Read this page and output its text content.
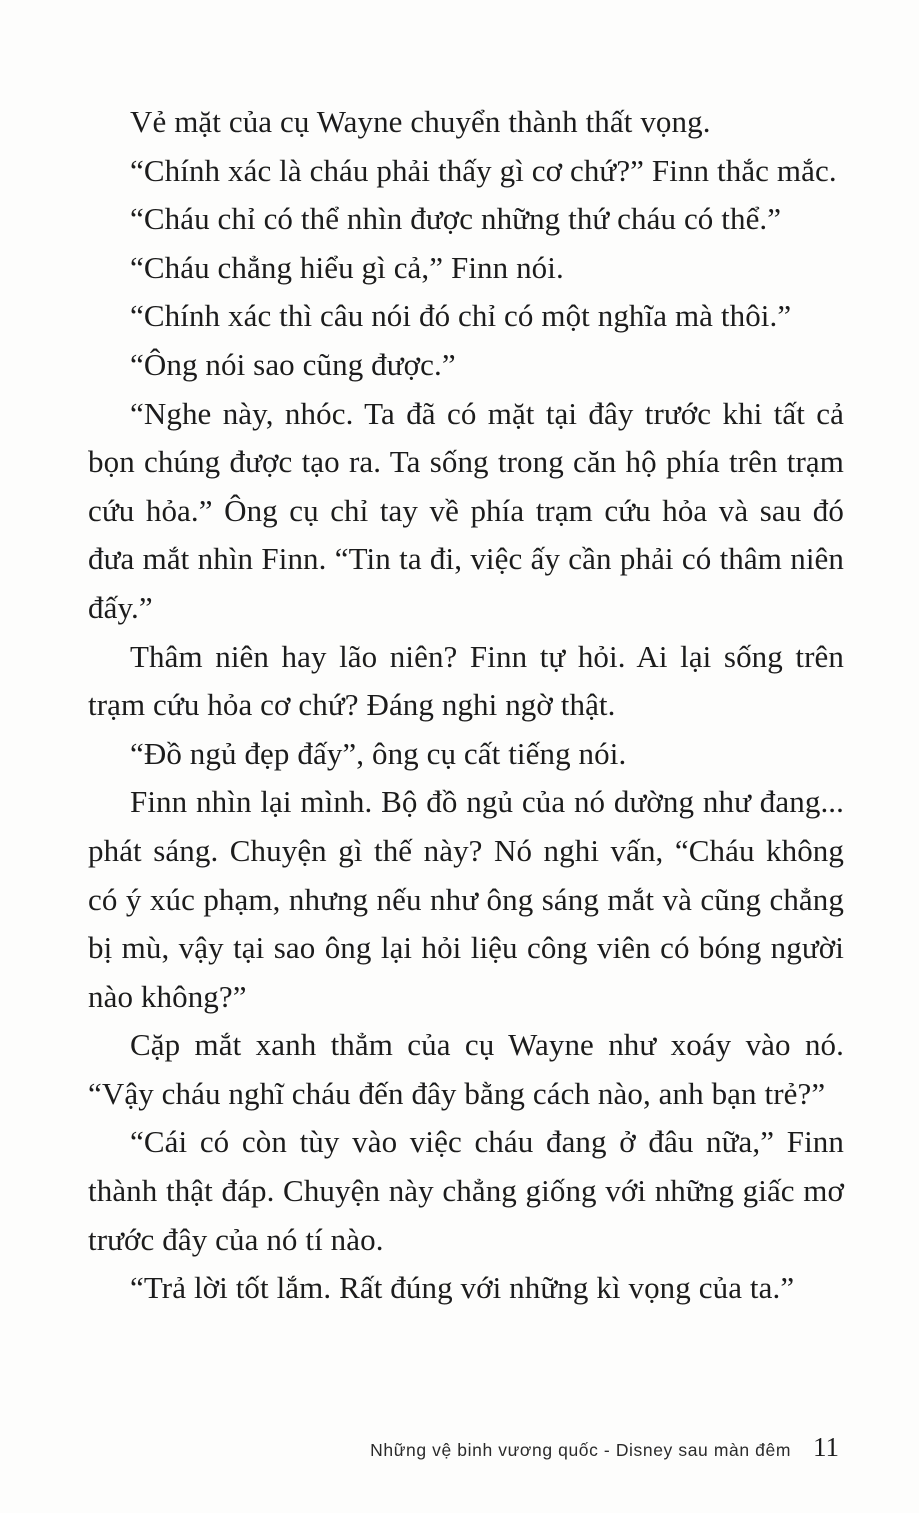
Vẻ mặt của cụ Wayne chuyển thành thất vọng.

“Chính xác là cháu phải thấy gì cơ chứ?” Finn thắc mắc.

“Cháu chỉ có thể nhìn được những thứ cháu có thể.”

“Cháu chẳng hiểu gì cả,” Finn nói.

“Chính xác thì câu nói đó chỉ có một nghĩa mà thôi.”

“Ông nói sao cũng được.”

“Nghe này, nhóc. Ta đã có mặt tại đây trước khi tất cả bọn chúng được tạo ra. Ta sống trong căn hộ phía trên trạm cứu hỏa.” Ông cụ chỉ tay về phía trạm cứu hỏa và sau đó đưa mắt nhìn Finn. “Tin ta đi, việc ấy cần phải có thâm niên đấy.”

Thâm niên hay lão niên? Finn tự hỏi. Ai lại sống trên trạm cứu hỏa cơ chứ? Đáng nghi ngờ thật.

“Đồ ngủ đẹp đấy”, ông cụ cất tiếng nói.

Finn nhìn lại mình. Bộ đồ ngủ của nó dường như đang... phát sáng. Chuyện gì thế này? Nó nghi vấn, “Cháu không có ý xúc phạm, nhưng nếu như ông sáng mắt và cũng chẳng bị mù, vậy tại sao ông lại hỏi liệu công viên có bóng người nào không?”

Cặp mắt xanh thẳm của cụ Wayne như xoáy vào nó. “Vậy cháu nghĩ cháu đến đây bằng cách nào, anh bạn trẻ?”

“Cái có còn tùy vào việc cháu đang ở đâu nữa,” Finn thành thật đáp. Chuyện này chẳng giống với những giấc mơ trước đây của nó tí nào.

“Trả lời tốt lắm. Rất đúng với những kì vọng của ta.”

Những vệ binh vương quốc - Disney sau màn đêm 11
